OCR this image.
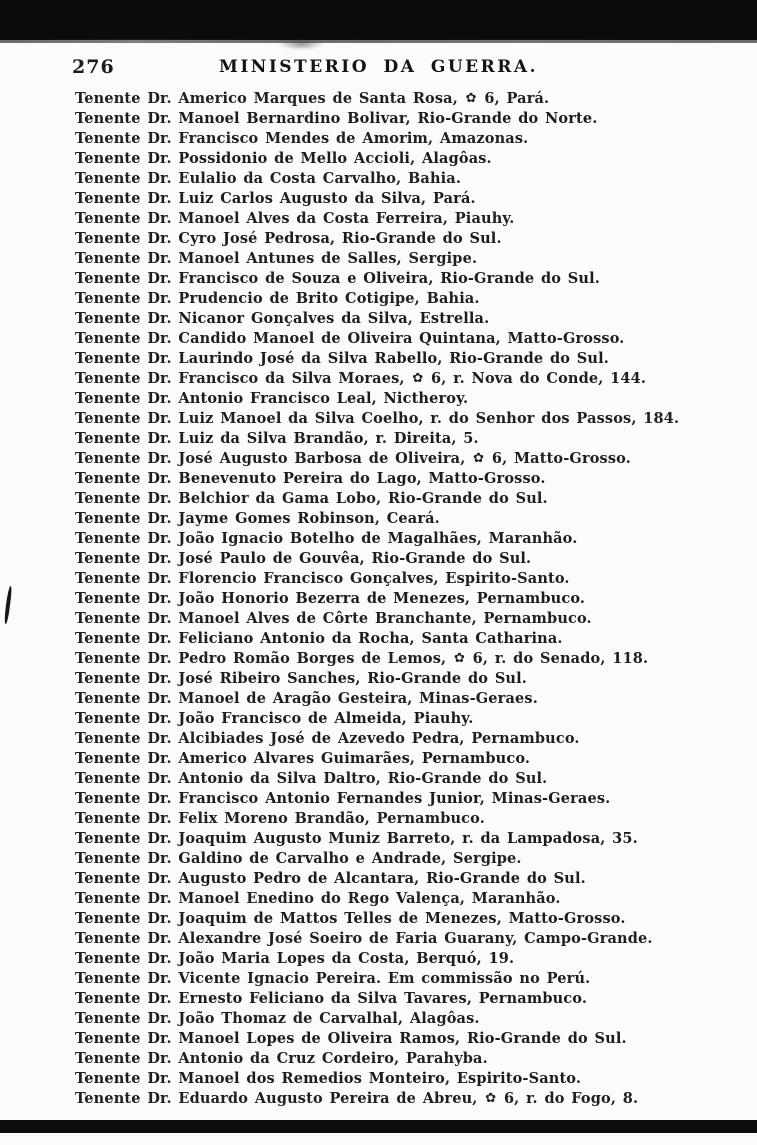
276	MINISTERIO DA GUERRA.
Tenente Dr. Americo Marques de Santa Rosa, ✿ 6, Pará.
Tenente Dr. Manoel Bernardino Bolivar, Rio-Grande do Norte.
Tenente Dr. Francisco Mendes de Amorim, Amazonas.
Tenente Dr. Possidonio de Mello Accioli, Alagôas.
Tenente Dr. Eulalio da Costa Carvalho, Bahia.
Tenente Dr. Luiz Carlos Augusto da Silva, Pará.
Tenente Dr. Manoel Alves da Costa Ferreira, Piauhy.
Tenente Dr. Cyro José Pedrosa, Rio-Grande do Sul.
Tenente Dr. Manoel Antunes de Salles, Sergipe.
Tenente Dr. Francisco de Souza e Oliveira, Rio-Grande do Sul.
Tenente Dr. Prudencio de Brito Cotigipe, Bahia.
Tenente Dr. Nicanor Gonçalves da Silva, Estrella.
Tenente Dr. Candido Manoel de Oliveira Quintana, Matto-Grosso.
Tenente Dr. Laurindo José da Silva Rabello, Rio-Grande do Sul.
Tenente Dr. Francisco da Silva Moraes, ✿ 6, r. Nova do Conde, 144.
Tenente Dr. Antonio Francisco Leal, Nictheroy.
Tenente Dr. Luiz Manoel da Silva Coelho, r. do Senhor dos Passos, 184.
Tenente Dr. Luiz da Silva Brandão, r. Direita, 5.
Tenente Dr. José Augusto Barbosa de Oliveira, ✿ 6, Matto-Grosso.
Tenente Dr. Benevenuto Pereira do Lago, Matto-Grosso.
Tenente Dr. Belchior da Gama Lobo, Rio-Grande do Sul.
Tenente Dr. Jayme Gomes Robinson, Ceará.
Tenente Dr. João Ignacio Botelho de Magalhães, Maranhão.
Tenente Dr. José Paulo de Gouvêa, Rio-Grande do Sul.
Tenente Dr. Florencio Francisco Gonçalves, Espirito-Santo.
Tenente Dr. João Honorio Bezerra de Menezes, Pernambuco.
Tenente Dr. Manoel Alves de Côrte Branchante, Pernambuco.
Tenente Dr. Feliciano Antonio da Rocha, Santa Catharina.
Tenente Dr. Pedro Romão Borges de Lemos, ✿ 6, r. do Senado, 118.
Tenente Dr. José Ribeiro Sanches, Rio-Grande do Sul.
Tenente Dr. Manoel de Aragão Gesteira, Minas-Geraes.
Tenente Dr. João Francisco de Almeida, Piauhy.
Tenente Dr. Alcibiades José de Azevedo Pedra, Pernambuco.
Tenente Dr. Americo Alvares Guimarães, Pernambuco.
Tenente Dr. Antonio da Silva Daltro, Rio-Grande do Sul.
Tenente Dr. Francisco Antonio Fernandes Junior, Minas-Geraes.
Tenente Dr. Felix Moreno Brandão, Pernambuco.
Tenente Dr. Joaquim Augusto Muniz Barreto, r. da Lampadosa, 35.
Tenente Dr. Galdino de Carvalho e Andrade, Sergipe.
Tenente Dr. Augusto Pedro de Alcantara, Rio-Grande do Sul.
Tenente Dr. Manoel Enedino do Rego Valença, Maranhão.
Tenente Dr. Joaquim de Mattos Telles de Menezes, Matto-Grosso.
Tenente Dr. Alexandre José Soeiro de Faria Guarany, Campo-Grande.
Tenente Dr. João Maria Lopes da Costa, Berquó, 19.
Tenente Dr. Vicente Ignacio Pereira. Em commissão no Perú.
Tenente Dr. Ernesto Feliciano da Silva Tavares, Pernambuco.
Tenente Dr. João Thomaz de Carvalhal, Alagôas.
Tenente Dr. Manoel Lopes de Oliveira Ramos, Rio-Grande do Sul.
Tenente Dr. Antonio da Cruz Cordeiro, Parahyba.
Tenente Dr. Manoel dos Remedios Monteiro, Espirito-Santo.
Tenente Dr. Eduardo Augusto Pereira de Abreu, ✿ 6, r. do Fogo, 8.
